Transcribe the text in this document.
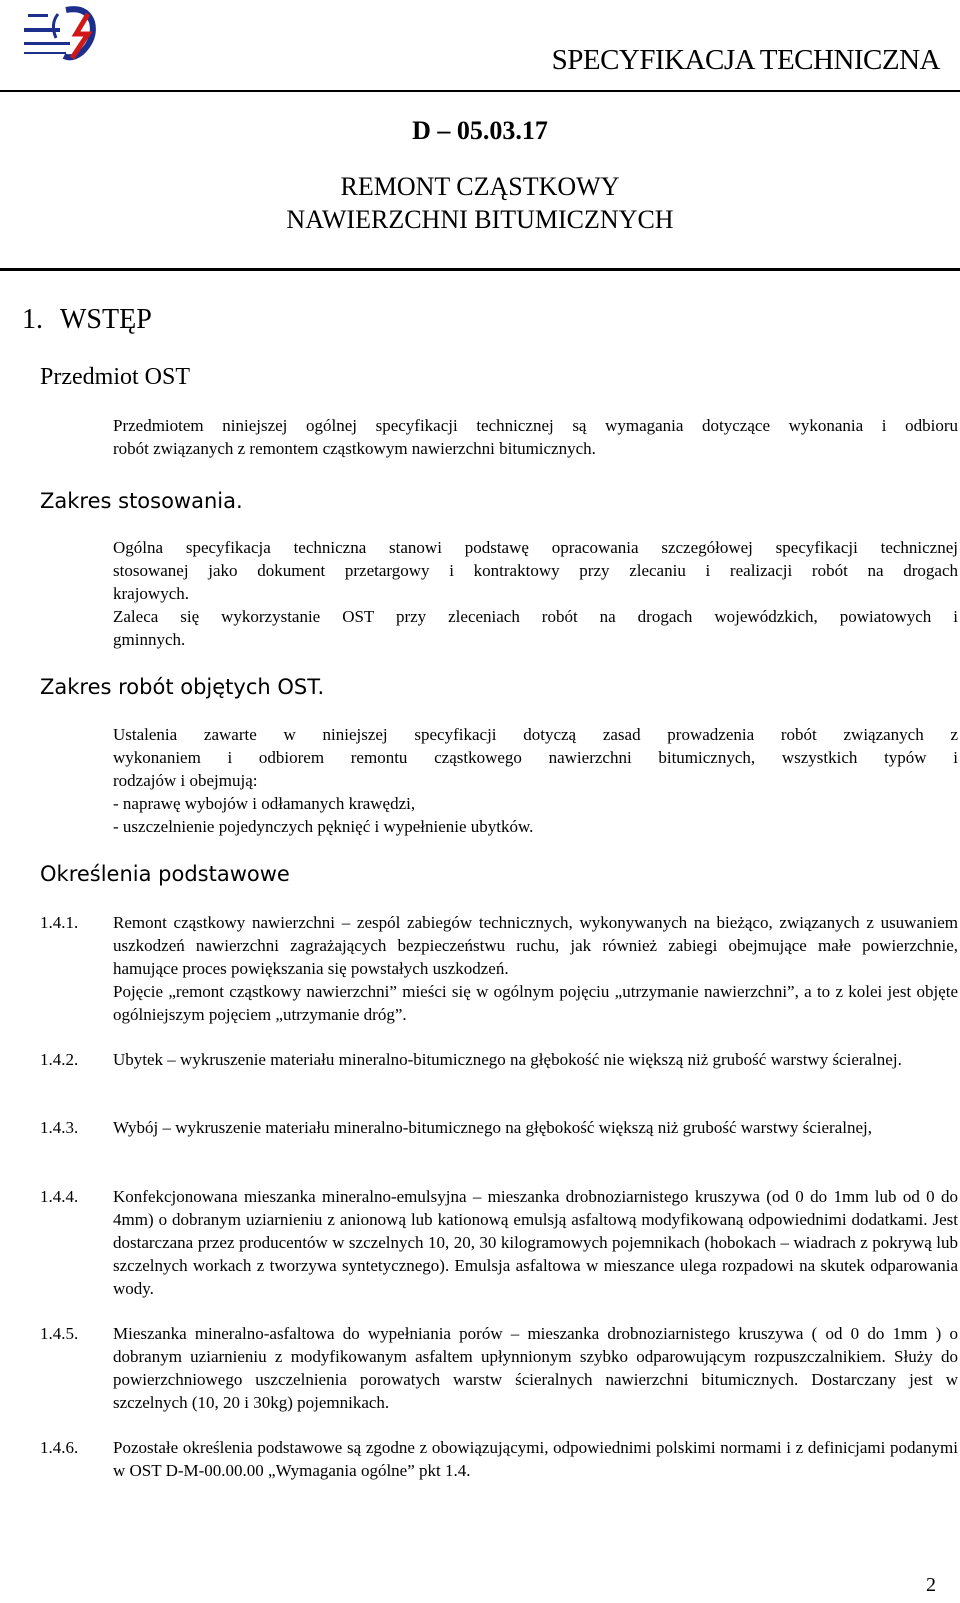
SPECYFIKACJA TECHNICZNA
D – 05.03.17
REMONT CZĄSTKOWY
NAWIERZCHNI BITUMICZNYCH
1. WSTĘP
Przedmiot OST
Przedmiotem niniejszej ogólnej specyfikacji technicznej są wymagania dotyczące wykonania i odbioru
robót związanych z remontem cząstkowym nawierzchni bitumicznych.
Zakres stosowania.
Ogólna specyfikacja techniczna stanowi podstawę opracowania szczegółowej specyfikacji technicznej
stosowanej jako dokument przetargowy i kontraktowy przy zlecaniu i realizacji robót na drogach
krajowych.
Zaleca się wykorzystanie OST przy zleceniach robót na drogach wojewódzkich, powiatowych i
gminnych.
Zakres robót objętych OST.
Ustalenia zawarte w niniejszej specyfikacji dotyczą zasad prowadzenia robót związanych z
wykonaniem i odbiorem remontu cząstkowego nawierzchni bitumicznych, wszystkich typów i
rodzajów i obejmują:
- naprawę wybojów i odłamanych krawędzi,
- uszczelnienie pojedynczych pęknięć i wypełnienie ubytków.
Określenia podstawowe
1.4.1. Remont cząstkowy nawierzchni – zespól zabiegów technicznych, wykonywanych na bieżąco, związanych z usuwaniem uszkodzeń nawierzchni zagrażających bezpieczeństwu ruchu, jak również zabiegi obejmujące małe powierzchnie, hamujące proces powiększania się powstałych uszkodzeń.
Pojęcie „remont cząstkowy nawierzchni” mieści się w ogólnym pojęciu „utrzymanie nawierzchni”, a to z kolei jest objęte ogólniejszym pojęciem „utrzymanie dróg”.
1.4.2. Ubytek – wykruszenie materiału mineralno-bitumicznego na głębokość nie większą niż grubość warstwy ścieralnej.
1.4.3. Wybój – wykruszenie materiału mineralno-bitumicznego na głębokość większą niż grubość warstwy ścieralnej,
1.4.4. Konfekcjonowana mieszanka mineralno-emulsyjna – mieszanka drobnoziarnistego kruszywa (od 0 do 1mm lub od 0 do 4mm) o dobranym uziarnieniu z anionową lub kationową emulsją asfaltową modyfikowaną odpowiednimi dodatkami. Jest dostarczana przez producentów w szczelnych 10, 20, 30 kilogramowych pojemnikach (hobokach – wiadrach z pokrywą lub szczelnych workach z tworzywa syntetycznego). Emulsja asfaltowa w mieszance ulega rozpadowi na skutek odparowania wody.
1.4.5. Mieszanka mineralno-asfaltowa do wypełniania porów – mieszanka drobnoziarnistego kruszywa ( od 0 do 1mm ) o dobranym uziarnieniu z modyfikowanym asfaltem upłynnionym szybko odparowującym rozpuszczalnikiem. Służy do powierzchniowego uszczelnienia porowatych warstw ścieralnych nawierzchni bitumicznych. Dostarczany jest w szczelnych (10, 20 i 30kg) pojemnikach.
1.4.6. Pozostałe określenia podstawowe są zgodne z obowiązującymi, odpowiednimi polskimi normami i z definicjami podanymi w OST D-M-00.00.00 „Wymagania ogólne” pkt 1.4.
2
